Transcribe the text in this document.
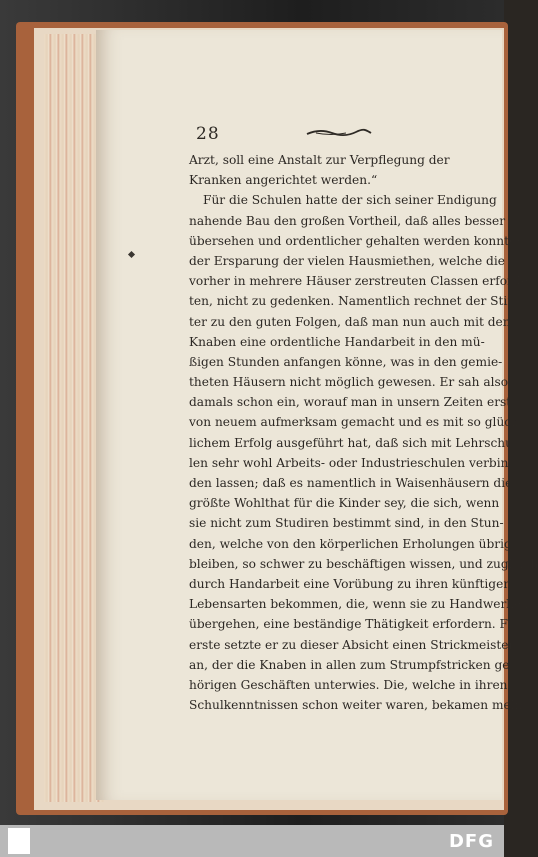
28
Arzt, soll eine Anstalt zur Verpflegung der
Kranken angerichtet werden.“
Für die Schulen hatte der sich seiner Endigung
nahende Bau den großen Vortheil, daß alles besser
übersehen und ordentlicher gehalten werden konnte;
der Ersparung der vielen Hausmiethen, welche die
vorher in mehrere Häuser zerstreuten Classen erforder-
ten, nicht zu gedenken. Namentlich rechnet der Stif-
ter zu den guten Folgen, daß man nun auch mit den
Knaben eine ordentliche Handarbeit in den mü-
ßigen Stunden anfangen könne, was in den gemie-
theten Häusern nicht möglich gewesen. Er sah also
damals schon ein, worauf man in unsern Zeiten erst
von neuem aufmerksam gemacht und es mit so glück-
lichem Erfolg ausgeführt hat, daß sich mit Lehrschu-
len sehr wohl Arbeits- oder Industrieschulen verbin-
den lassen; daß es namentlich in Waisenhäusern die
größte Wohlthat für die Kinder sey, die sich, wenn
sie nicht zum Studiren bestimmt sind, in den Stun-
den, welche von den körperlichen Erholungen übrig
bleiben, so schwer zu beschäftigen wissen, und zugleich
durch Handarbeit eine Vorübung zu ihren künftigen
Lebensarten bekommen, die, wenn sie zu Handwerken
übergehen, eine beständige Thätigkeit erfordern. Fürs
erste setzte er zu dieser Absicht einen Strickmeister
an, der die Knaben in allen zum Strumpfstricken ge-
hörigen Geschäften unterwies. Die, welche in ihren
Schulkenntnissen schon weiter waren, bekamen mehr,
DFG
